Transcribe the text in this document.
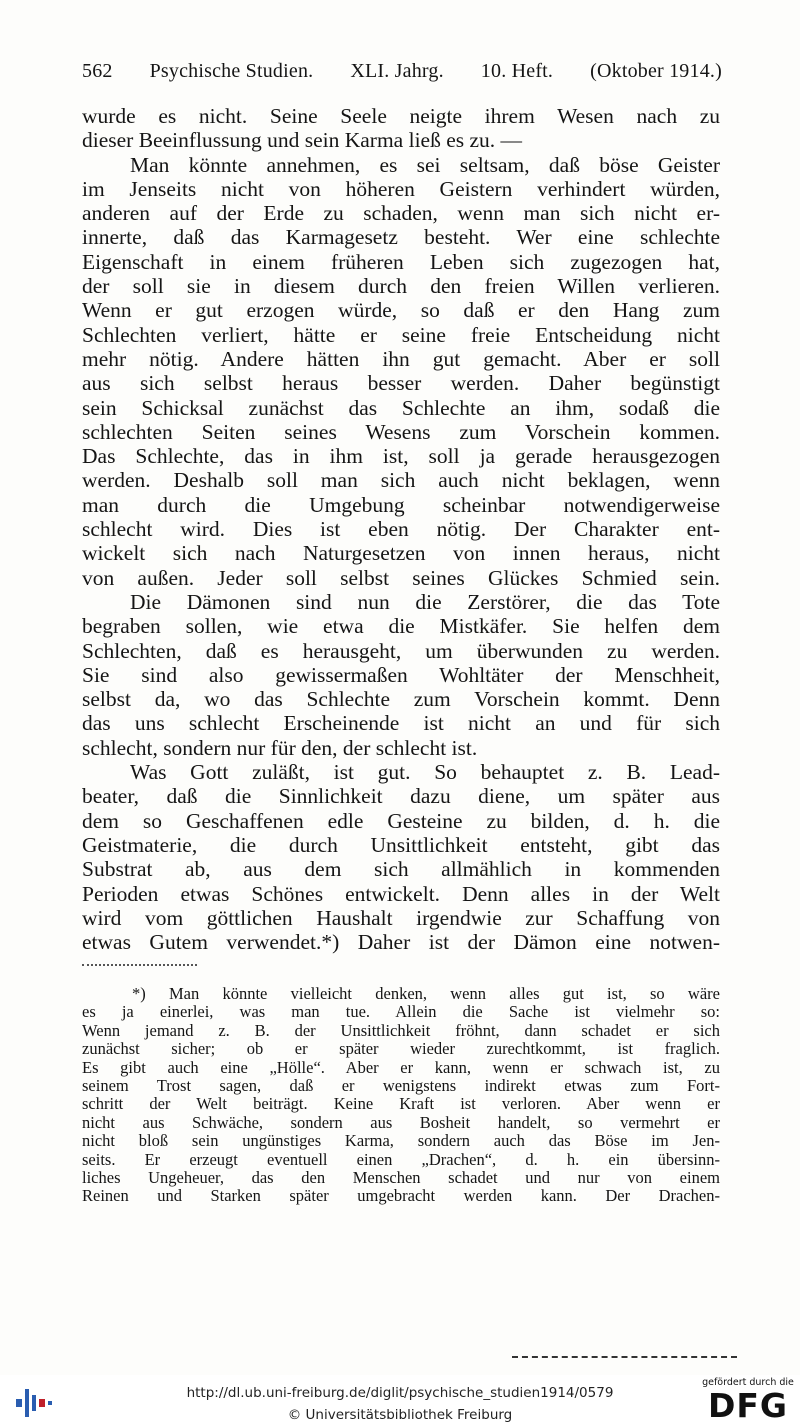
562 Psychische Studien. XLI. Jahrg. 10. Heft. (Oktober 1914.)
wurde es nicht. Seine Seele neigte ihrem Wesen nach zu
dieser Beeinflussung und sein Karma ließ es zu. —
Man könnte annehmen, es sei seltsam, daß böse Geister
im Jenseits nicht von höheren Geistern verhindert würden,
anderen auf der Erde zu schaden, wenn man sich nicht er-
innerte, daß das Karmagesetz besteht. Wer eine schlechte
Eigenschaft in einem früheren Leben sich zugezogen hat,
der soll sie in diesem durch den freien Willen verlieren.
Wenn er gut erzogen würde, so daß er den Hang zum
Schlechten verliert, hätte er seine freie Entscheidung nicht
mehr nötig. Andere hätten ihn gut gemacht. Aber er soll
aus sich selbst heraus besser werden. Daher begünstigt
sein Schicksal zunächst das Schlechte an ihm, sodaß die
schlechten Seiten seines Wesens zum Vorschein kommen.
Das Schlechte, das in ihm ist, soll ja gerade herausgezogen
werden. Deshalb soll man sich auch nicht beklagen, wenn
man durch die Umgebung scheinbar notwendigerweise
schlecht wird. Dies ist eben nötig. Der Charakter ent-
wickelt sich nach Naturgesetzen von innen heraus, nicht
von außen. Jeder soll selbst seines Glückes Schmied sein.
Die Dämonen sind nun die Zerstörer, die das Tote
begraben sollen, wie etwa die Mistkäfer. Sie helfen dem
Schlechten, daß es herausgeht, um überwunden zu werden.
Sie sind also gewissermaßen Wohltäter der Menschheit,
selbst da, wo das Schlechte zum Vorschein kommt. Denn
das uns schlecht Erscheinende ist nicht an und für sich
schlecht, sondern nur für den, der schlecht ist.
Was Gott zuläßt, ist gut. So behauptet z. B. Lead-
beater, daß die Sinnlichkeit dazu diene, um später aus
dem so Geschaffenen edle Gesteine zu bilden, d. h. die
Geistmaterie, die durch Unsittlichkeit entsteht, gibt das
Substrat ab, aus dem sich allmählich in kommenden
Perioden etwas Schönes entwickelt. Denn alles in der Welt
wird vom göttlichen Haushalt irgendwie zur Schaffung von
etwas Gutem verwendet.*) Daher ist der Dämon eine notwen-
*) Man könnte vielleicht denken, wenn alles gut ist, so wäre
es ja einerlei, was man tue. Allein die Sache ist vielmehr so:
Wenn jemand z. B. der Unsittlichkeit fröhnt, dann schadet er sich
zunächst sicher; ob er später wieder zurechtkommt, ist fraglich.
Es gibt auch eine „Hölle“. Aber er kann, wenn er schwach ist, zu
seinem Trost sagen, daß er wenigstens indirekt etwas zum Fort-
schritt der Welt beiträgt. Keine Kraft ist verloren. Aber wenn er
nicht aus Schwäche, sondern aus Bosheit handelt, so vermehrt er
nicht bloß sein ungünstiges Karma, sondern auch das Böse im Jen-
seits. Er erzeugt eventuell einen „Drachen“, d. h. ein übersinn-
liches Ungeheuer, das den Menschen schadet und nur von einem
Reinen und Starken später umgebracht werden kann. Der Drachen-
http://dl.ub.uni-freiburg.de/diglit/psychische_studien1914/0579
© Universitätsbibliothek Freiburg
gefördert durch die
DFG
